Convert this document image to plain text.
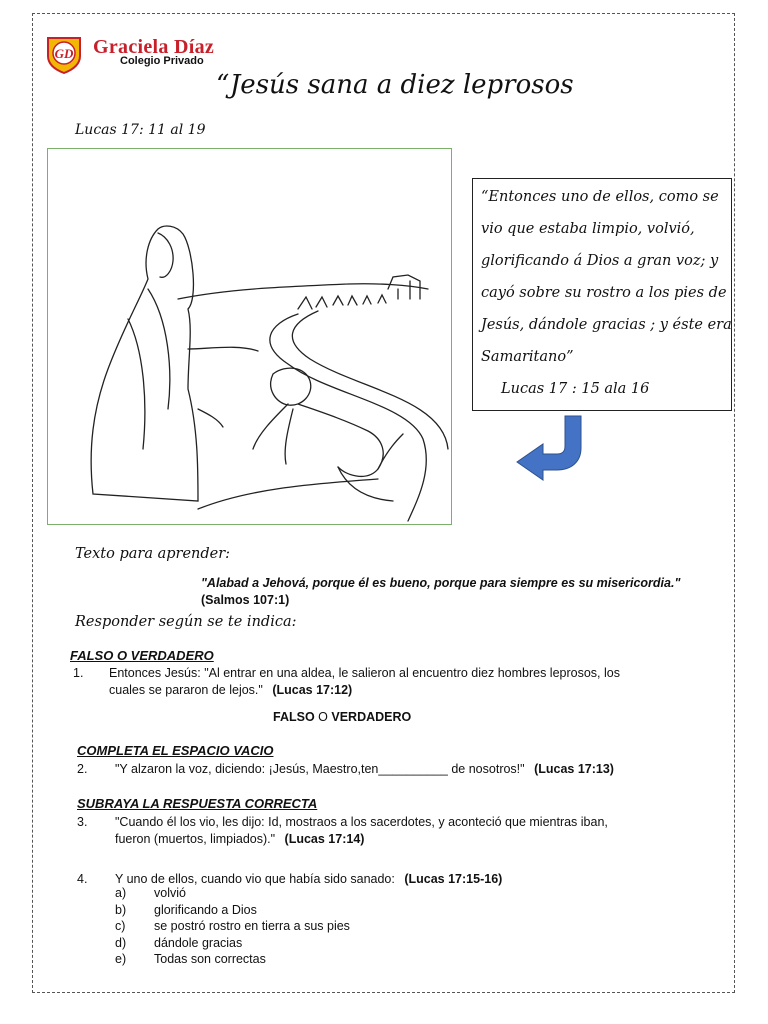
GD Graciela Díaz
Colegio Privado
“Jesús sana a diez leprosos
Lucas 17: 11 al 19
“Entonces uno de ellos, como se
vio que estaba limpio, volvió,
glorificando á Dios a gran voz; y
cayó sobre su rostro a los pies de
Jesús, dándole gracias ; y éste era
Samaritano”
Lucas 17 : 15 ala 16
Texto para aprender:
"Alabad a Jehová, porque él es bueno, porque para siempre es su misericordia."
(Salmos 107:1)
Responder según se te indica:
FALSO O VERDADERO
1. Entonces Jesús: "Al entrar en una aldea, le salieron al encuentro diez hombres leprosos, los
cuales se pararon de lejos." (Lucas 17:12)
FALSO O VERDADERO
COMPLETA EL ESPACIO VACIO
2. "Y alzaron la voz, diciendo: ¡Jesús, Maestro,ten__________ de nosotros!" (Lucas 17:13)
SUBRAYA LA RESPUESTA CORRECTA
3. "Cuando él los vio, les dijo: Id, mostraos a los sacerdotes, y aconteció que mientras iban,
fueron (muertos, limpiados)." (Lucas 17:14)
4. Y uno de ellos, cuando vio que había sido sanado: (Lucas 17:15-16)
a) volvió
b) glorificando a Dios
c) se postró rostro en tierra a sus pies
d) dándole gracias
e) Todas son correctas
